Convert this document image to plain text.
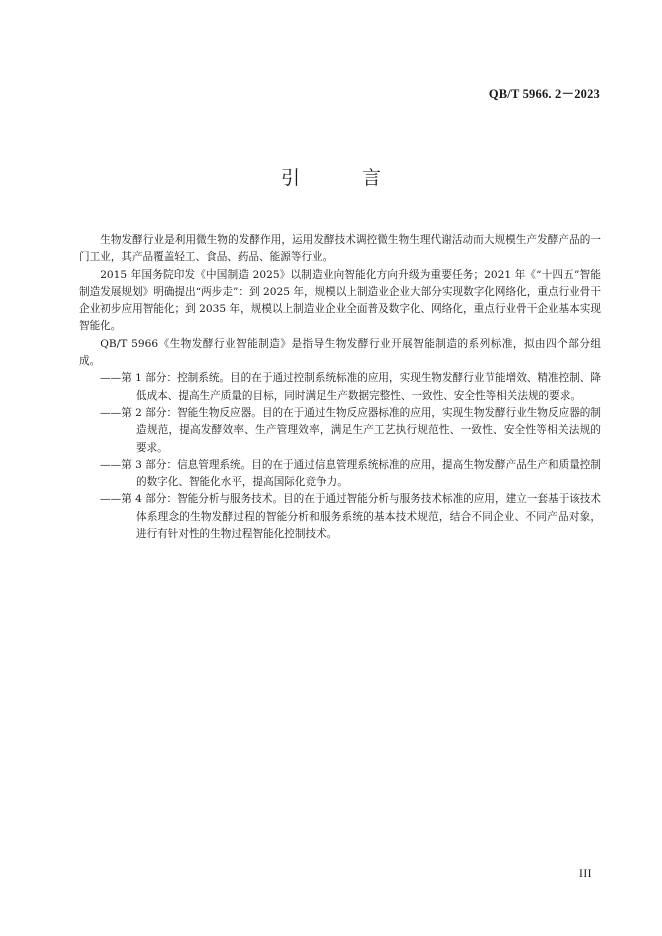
QB/T 5966. 2－2023
引 言

生物发酵行业是利用微生物的发酵作用，运用发酵技术调控微生物生理代谢活动而大规模生产发酵产品的一门工业，其产品覆盖轻工、食品、药品、能源等行业。

2015 年国务院印发《中国制造 2025》以制造业向智能化方向升级为重要任务；2021 年《“十四五”智能制造发展规划》明确提出“两步走”：到 2025 年，规模以上制造业企业大部分实现数字化网络化，重点行业骨干企业初步应用智能化；到 2035 年，规模以上制造业企业全面普及数字化、网络化，重点行业骨干企业基本实现智能化。

QB/T 5966《生物发酵行业智能制造》是指导生物发酵行业开展智能制造的系列标准，拟由四个部分组成。

——第 1 部分：控制系统。目的在于通过控制系统标准的应用，实现生物发酵行业节能增效、精准控制、降低成本、提高生产质量的目标，同时满足生产数据完整性、一致性、安全性等相关法规的要求。

——第 2 部分：智能生物反应器。目的在于通过生物反应器标准的应用，实现生物发酵行业生物反应器的制造规范，提高发酵效率、生产管理效率，满足生产工艺执行规范性、一致性、安全性等相关法规的要求。

——第 3 部分：信息管理系统。目的在于通过信息管理系统标准的应用，提高生物发酵产品生产和质量控制的数字化、智能化水平，提高国际化竞争力。

——第 4 部分：智能分析与服务技术。目的在于通过智能分析与服务技术标准的应用，建立一套基于该技术体系理念的生物发酵过程的智能分析和服务系统的基本技术规范，结合不同企业、不同产品对象，进行有针对性的生物过程智能化控制技术。

III
